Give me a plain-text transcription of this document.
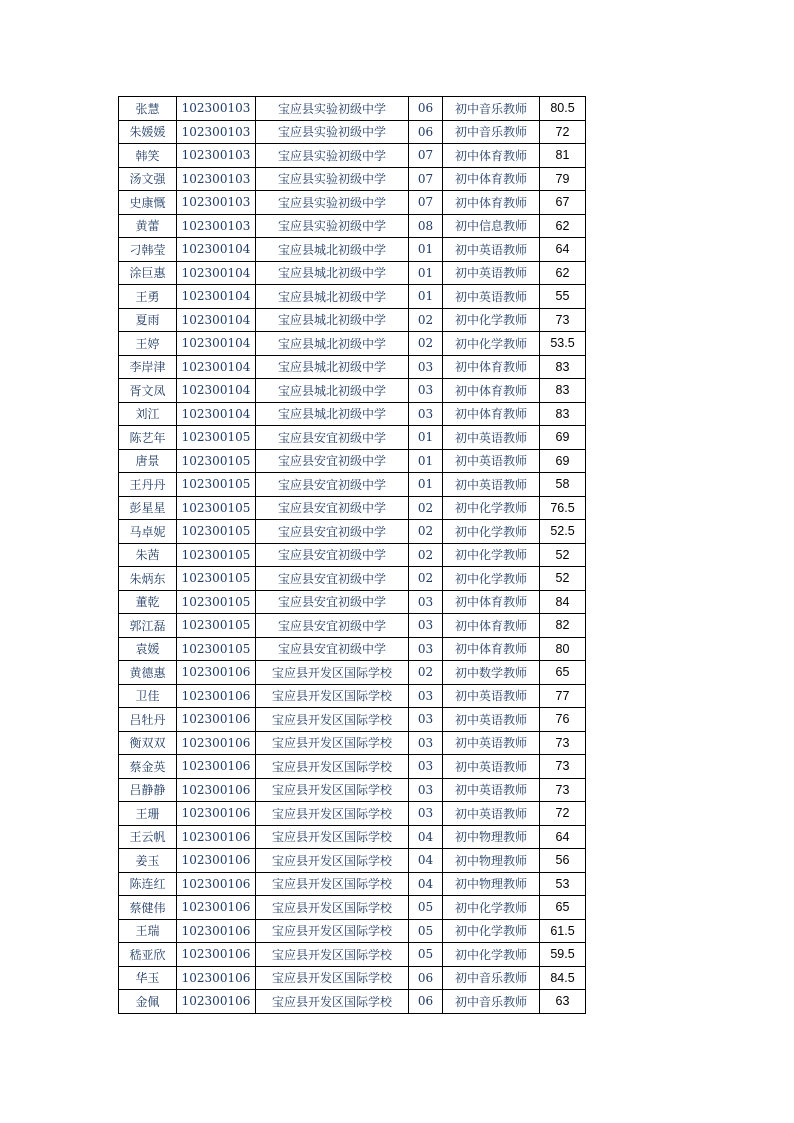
张慧	102300103	宝应县实验初级中学	06	初中音乐教师	80.5
朱媛媛	102300103	宝应县实验初级中学	06	初中音乐教师	72
韩笑	102300103	宝应县实验初级中学	07	初中体育教师	81
汤文强	102300103	宝应县实验初级中学	07	初中体育教师	79
史康慨	102300103	宝应县实验初级中学	07	初中体育教师	67
黄蕾	102300103	宝应县实验初级中学	08	初中信息教师	62
刁韩莹	102300104	宝应县城北初级中学	01	初中英语教师	64
涂巨惠	102300104	宝应县城北初级中学	01	初中英语教师	62
王勇	102300104	宝应县城北初级中学	01	初中英语教师	55
夏雨	102300104	宝应县城北初级中学	02	初中化学教师	73
王婷	102300104	宝应县城北初级中学	02	初中化学教师	53.5
李岸津	102300104	宝应县城北初级中学	03	初中体育教师	83
胥文凤	102300104	宝应县城北初级中学	03	初中体育教师	83
刘江	102300104	宝应县城北初级中学	03	初中体育教师	83
陈艺年	102300105	宝应县安宜初级中学	01	初中英语教师	69
唐景	102300105	宝应县安宜初级中学	01	初中英语教师	69
王丹丹	102300105	宝应县安宜初级中学	01	初中英语教师	58
彭星星	102300105	宝应县安宜初级中学	02	初中化学教师	76.5
马卓妮	102300105	宝应县安宜初级中学	02	初中化学教师	52.5
朱茜	102300105	宝应县安宜初级中学	02	初中化学教师	52
朱炳东	102300105	宝应县安宜初级中学	02	初中化学教师	52
董乾	102300105	宝应县安宜初级中学	03	初中体育教师	84
郭江磊	102300105	宝应县安宜初级中学	03	初中体育教师	82
袁媛	102300105	宝应县安宜初级中学	03	初中体育教师	80
黄德惠	102300106	宝应县开发区国际学校	02	初中数学教师	65
卫佳	102300106	宝应县开发区国际学校	03	初中英语教师	77
吕牡丹	102300106	宝应县开发区国际学校	03	初中英语教师	76
衡双双	102300106	宝应县开发区国际学校	03	初中英语教师	73
蔡金英	102300106	宝应县开发区国际学校	03	初中英语教师	73
吕静静	102300106	宝应县开发区国际学校	03	初中英语教师	73
王珊	102300106	宝应县开发区国际学校	03	初中英语教师	72
王云帆	102300106	宝应县开发区国际学校	04	初中物理教师	64
姜玉	102300106	宝应县开发区国际学校	04	初中物理教师	56
陈连红	102300106	宝应县开发区国际学校	04	初中物理教师	53
蔡健伟	102300106	宝应县开发区国际学校	05	初中化学教师	65
王瑞	102300106	宝应县开发区国际学校	05	初中化学教师	61.5
嵇亚欣	102300106	宝应县开发区国际学校	05	初中化学教师	59.5
华玉	102300106	宝应县开发区国际学校	06	初中音乐教师	84.5
金佩	102300106	宝应县开发区国际学校	06	初中音乐教师	63
